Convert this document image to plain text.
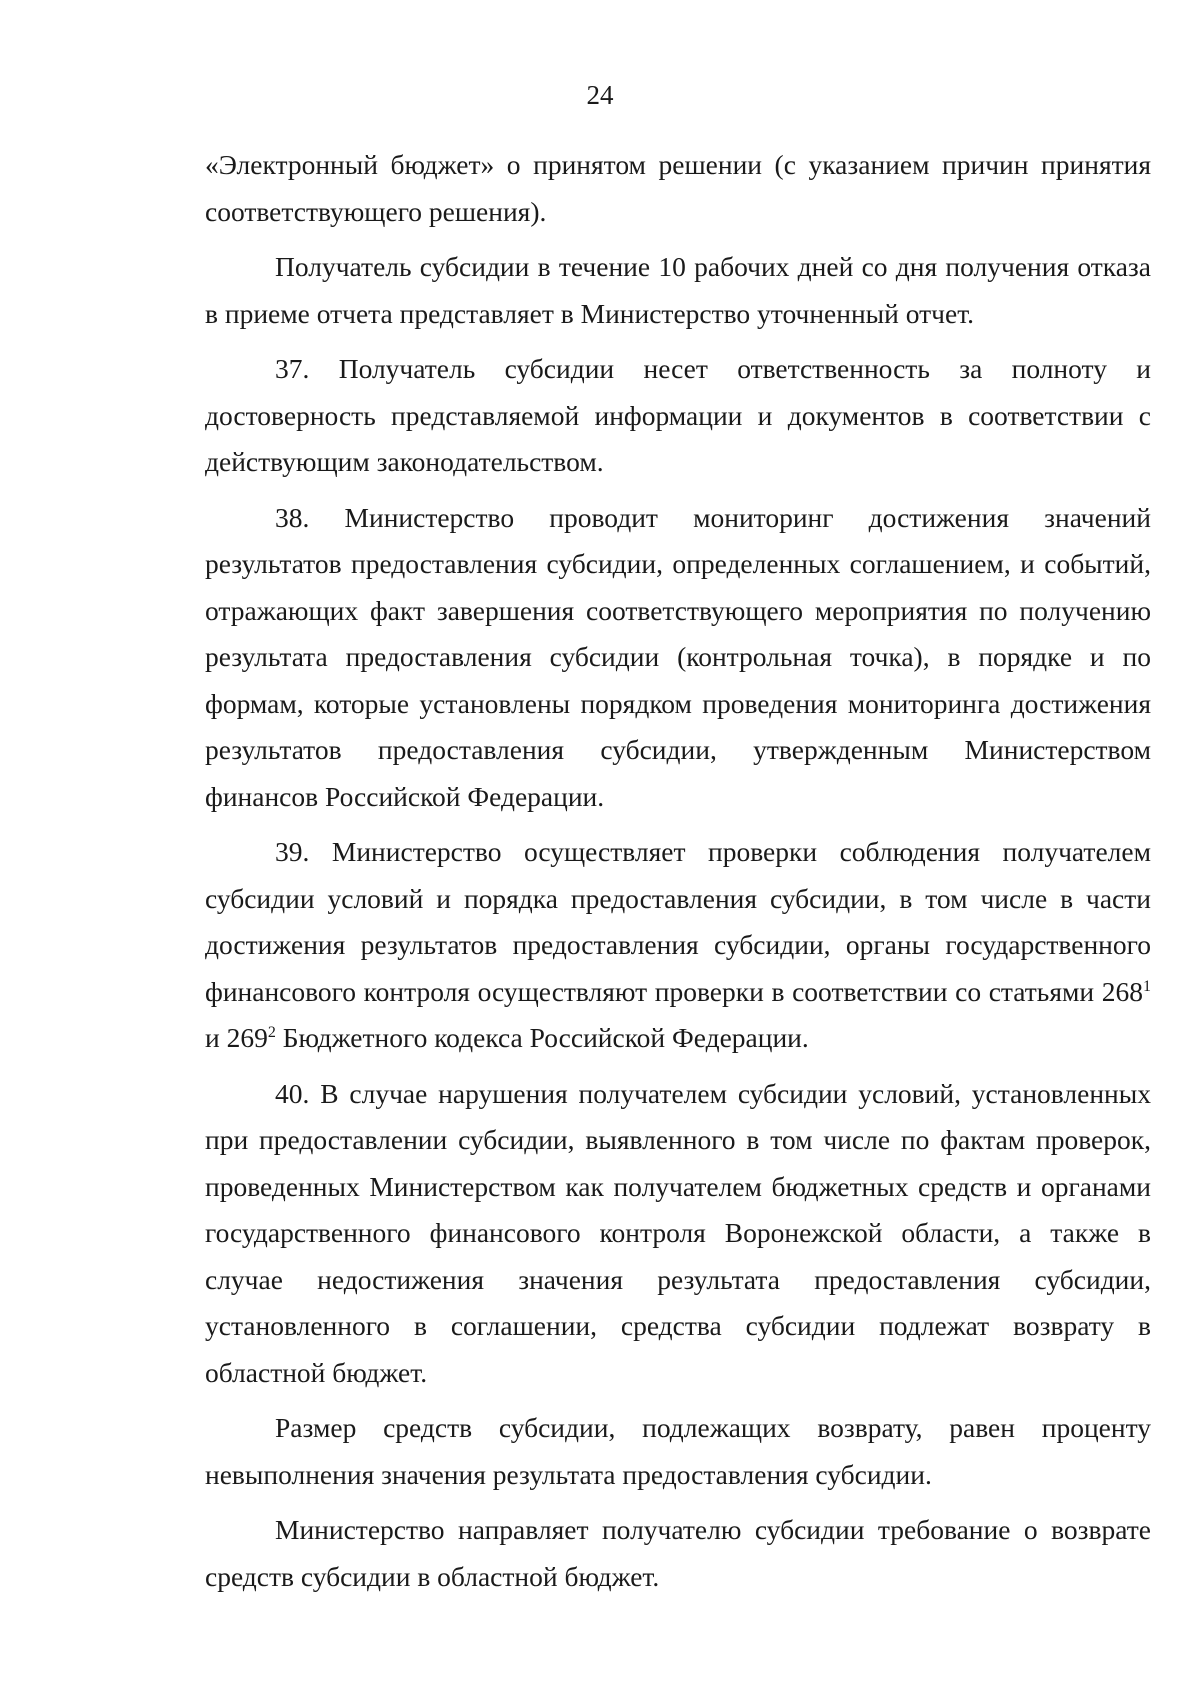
24

«Электронный бюджет» о принятом решении (с указанием причин принятия соответствующего решения).

Получатель субсидии в течение 10 рабочих дней со дня получения отказа в приеме отчета представляет в Министерство уточненный отчет.

37. Получатель субсидии несет ответственность за полноту и достоверность представляемой информации и документов в соответствии с действующим законодательством.

38. Министерство проводит мониторинг достижения значений результатов предоставления субсидии, определенных соглашением, и событий, отражающих факт завершения соответствующего мероприятия по получению результата предоставления субсидии (контрольная точка), в порядке и по формам, которые установлены порядком проведения мониторинга достижения результатов предоставления субсидии, утвержденным Министерством финансов Российской Федерации.

39. Министерство осуществляет проверки соблюдения получателем субсидии условий и порядка предоставления субсидии, в том числе в части достижения результатов предоставления субсидии, органы государственного финансового контроля осуществляют проверки в соответствии со статьями $268^1$ и $269^2$ Бюджетного кодекса Российской Федерации.

40. В случае нарушения получателем субсидии условий, установленных при предоставлении субсидии, выявленного в том числе по фактам проверок, проведенных Министерством как получателем бюджетных средств и органами государственного финансового контроля Воронежской области, а также в случае недостижения значения результата предоставления субсидии, установленного в соглашении, средства субсидии подлежат возврату в областной бюджет.

Размер средств субсидии, подлежащих возврату, равен проценту невыполнения значения результата предоставления субсидии.

Министерство направляет получателю субсидии требование о возврате средств субсидии в областной бюджет.
